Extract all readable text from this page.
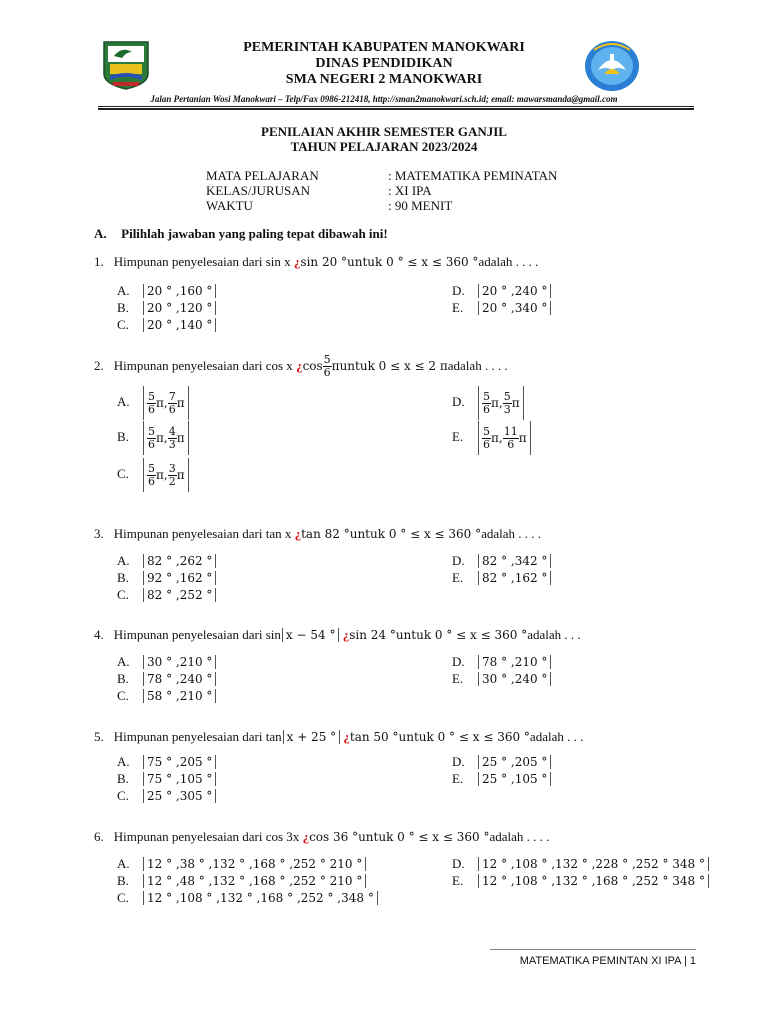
PEMERINTAH KABUPATEN MANOKWARI
DINAS PENDIDIKAN
SMA NEGERI 2 MANOKWARI
Jalan Pertanian Wosi Manokwari – Telp/Fax 0986-212418, http://sman2manokwari.sch.id; email: mawarsmanda@gmail.com
PENILAIAN AKHIR SEMESTER GANJIL
TAHUN PELAJARAN 2023/2024
MATA PELAJARAN	: MATEMATIKA PEMINATAN
KELAS/JURUSAN	: XI IPA
WAKTU	: 90 MENIT
A. Pilihlah jawaban yang paling tepat dibawah ini!
1. Himpunan penyelesaian dari sin x ¿sin 20 °untuk 0 ° ≤ x ≤ 360 °adalah . . . .
A. 20 ° ,160 °
B. 20 ° ,120 °
C. 20 ° ,140 °
D. 20 ° ,240 °
E. 20 ° ,340 °
2. Himpunan penyelesaian dari cos x ¿$\cos \frac{5}{6}$ πuntuk 0 ≤ x ≤ 2 πadalah . . . .
A. $\frac{5}{6}$ π , $\frac{7}{6}$ π
B. $\frac{5}{6}$ π , $\frac{4}{3}$ π
C. $\frac{5}{6}$ π , $\frac{3}{2}$ π
D. $\frac{5}{6}$ π , $\frac{5}{3}$ π
E. $\frac{5}{6}$ π , $\frac{11}{6}$ π
3. Himpunan penyelesaian dari tan x ¿tan 82 °untuk 0 ° ≤ x ≤ 360 °adalah . . . .
A. 82 ° ,262 °
B. 92 ° ,162 °
C. 82 ° ,252 °
D. 82 ° ,342 °
E. 82 ° ,162 °
4. Himpunan penyelesaian dari sin x − 54 ° ¿sin 24 °untuk 0 ° ≤ x ≤ 360 °adalah . . .
A. 30 ° ,210 °
B. 78 ° ,240 °
C. 58 ° ,210 °
D. 78 ° ,210 °
E. 30 ° ,240 °
5. Himpunan penyelesaian dari tan x + 25 ° ¿tan 50 °untuk 0 ° ≤ x ≤ 360 °adalah . . .
A. 75 ° ,205 °
B. 75 ° ,105 °
C. 25 ° ,305 °
D. 25 ° ,205 °
E. 25 ° ,105 °
6. Himpunan penyelesaian dari cos 3x ¿cos 36 °untuk 0 ° ≤ x ≤ 360 °adalah . . . .
A. 12 ° ,38 ° ,132 ° ,168 ° ,252 ° 210 °
B. 12 ° ,48 ° ,132 ° ,168 ° ,252 ° 210 °
C. 12 ° ,108 ° ,132 ° ,168 ° ,252 ° ,348 °
D. 12 ° ,108 ° ,132 ° ,228 ° ,252 ° 348 °
E. 12 ° ,108 ° ,132 ° ,168 ° ,252 ° 348 °
MATEMATIKA PEMINTAN XI IPA | 1
